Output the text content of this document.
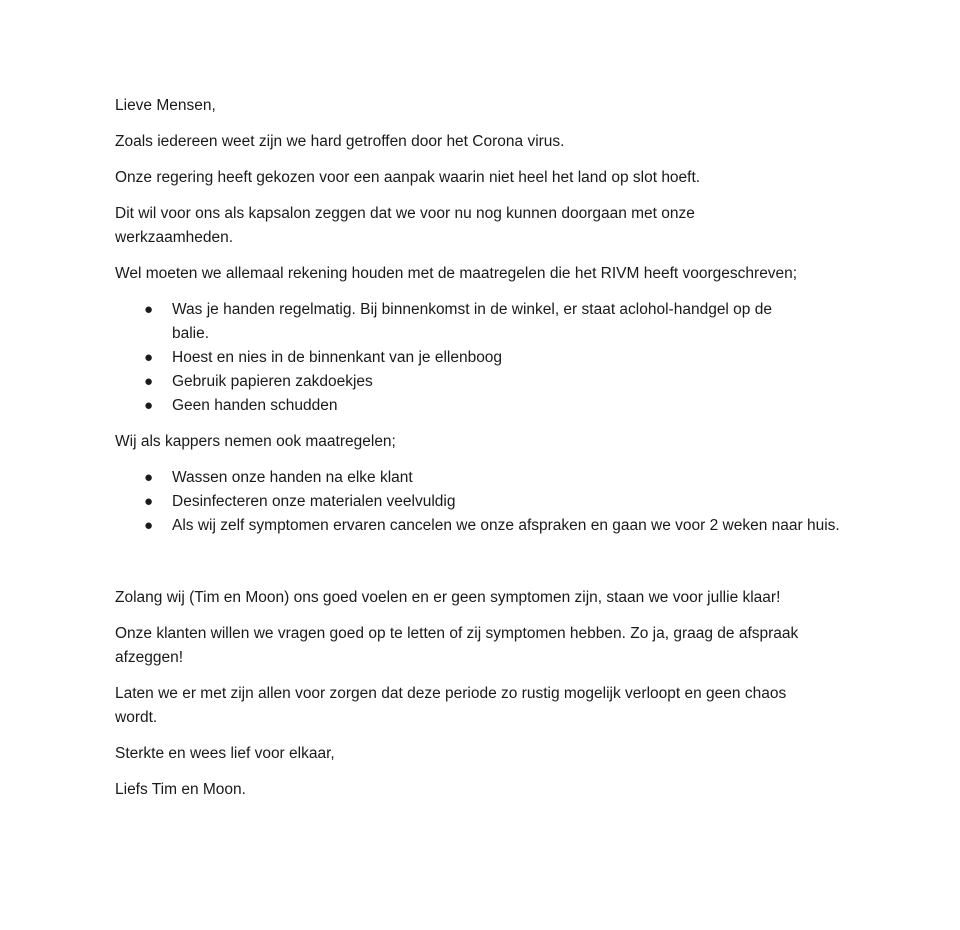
Lieve Mensen,

Zoals iedereen weet zijn we hard getroffen door het Corona virus.

Onze regering heeft gekozen voor een aanpak waarin niet heel het land op slot hoeft.

Dit wil voor ons als kapsalon zeggen dat we voor nu nog kunnen doorgaan met onze werkzaamheden.

Wel moeten we allemaal rekening houden met de maatregelen die het RIVM heeft voorgeschreven;

● Was je handen regelmatig. Bij binnenkomst in de winkel, er staat aclohol-handgel op de balie.
● Hoest en nies in de binnenkant van je ellenboog
● Gebruik papieren zakdoekjes
● Geen handen schudden

Wij als kappers nemen ook maatregelen;

● Wassen onze handen na elke klant
● Desinfecteren onze materialen veelvuldig
● Als wij zelf symptomen ervaren cancelen we onze afspraken en gaan we voor 2 weken naar huis.

Zolang wij (Tim en Moon) ons goed voelen en er geen symptomen zijn, staan we voor jullie klaar!

Onze klanten willen we vragen goed op te letten of zij symptomen hebben. Zo ja, graag de afspraak afzeggen!

Laten we er met zijn allen voor zorgen dat deze periode zo rustig mogelijk verloopt en geen chaos wordt.

Sterkte en wees lief voor elkaar,

Liefs Tim en Moon.
